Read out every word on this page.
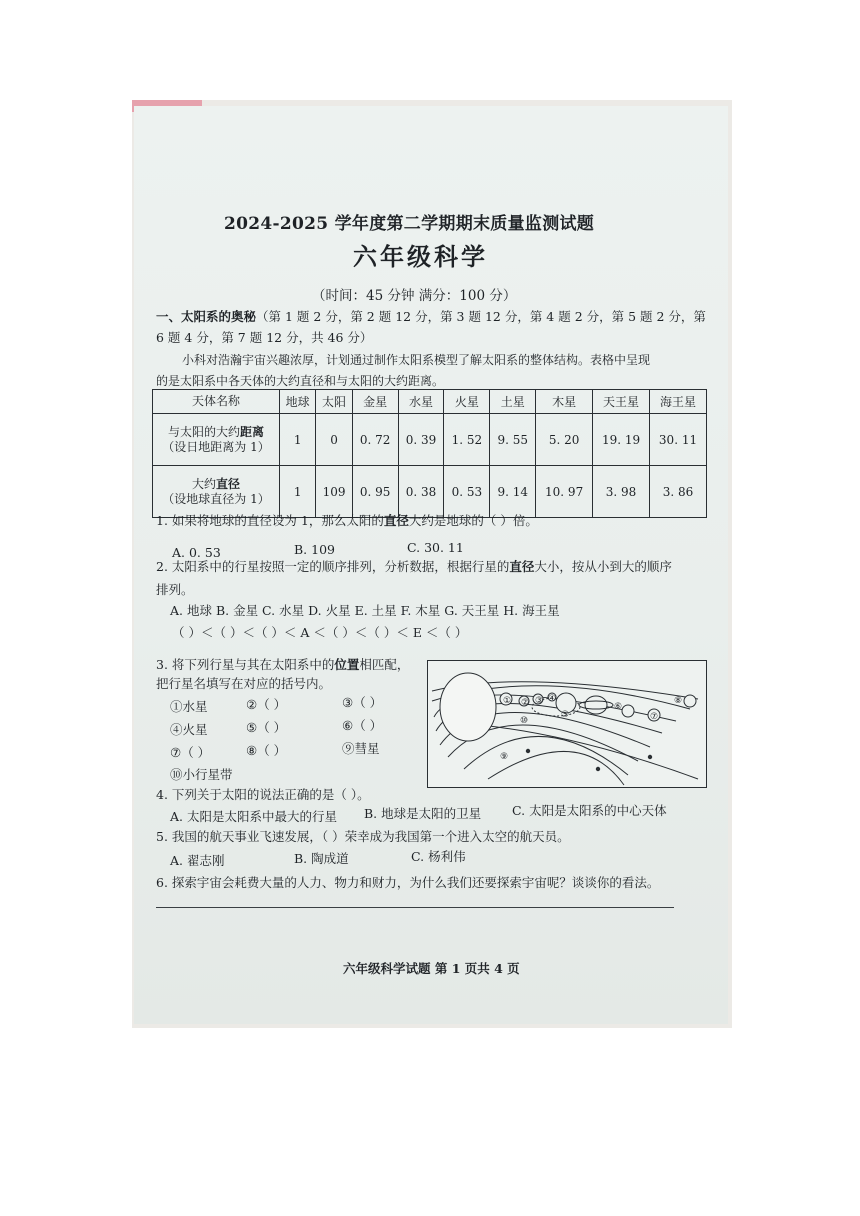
2024-2025 学年度第二学期期末质量监测试题
六年级科学
（时间：45 分钟 满分：100 分）
一、太阳系的奥秘（第 1 题 2 分，第 2 题 12 分，第 3 题 12 分，第 4 题 2 分，第 5 题 2 分，第
6 题 4 分，第 7 题 12 分，共 46 分）
小科对浩瀚宇宙兴趣浓厚，计划通过制作太阳系模型了解太阳系的整体结构。表格中呈现
的是太阳系中各天体的大约直径和与太阳的大约距离。
天体名称	地球	太阳	金星	水星	火星	土星	木星	天王星	海王星
与太阳的大约距离
（设日地距离为 1）	1	0	0. 72	0. 39	1. 52	9. 55	5. 20	19. 19	30. 11
大约直径
（设地球直径为 1）	1	109	0. 95	0. 38	0. 53	9. 14	10. 97	3. 98	3. 86
1. 如果将地球的直径设为 1，那么太阳的直径大约是地球的（ ）倍。
A. 0. 53	B. 109	C. 30. 11
2. 太阳系中的行星按照一定的顺序排列，分析数据，根据行星的直径大小，按从小到大的顺序
排列。
A. 地球 B. 金星 C. 水星 D. 火星 E. 土星 F. 木星 G. 天王星 H. 海王星
（ ）＜（ ）＜（ ）＜ A ＜（ ）＜（ ）＜ E ＜（ ）
3. 将下列行星与其在太阳系中的位置相匹配，
把行星名填写在对应的括号内。
①水星	②（ ）	③（ ）
④火星	⑤（ ）	⑥（ ）
⑦（ ）	⑧（ ）	⑨彗星
⑩小行星带
① ② ③ ④
⑤
⑥
⑦
⑧
⑨
⑩
4. 下列关于太阳的说法正确的是（ ）。
A. 太阳是太阳系中最大的行星 B. 地球是太阳的卫星 C. 太阳是太阳系的中心天体
5. 我国的航天事业飞速发展，（ ）荣幸成为我国第一个进入太空的航天员。
A. 翟志刚	B. 陶成道	C. 杨利伟
6. 探索宇宙会耗费大量的人力、物力和财力，为什么我们还要探索宇宙呢？谈谈你的看法。
六年级科学试题 第 1 页共 4 页
